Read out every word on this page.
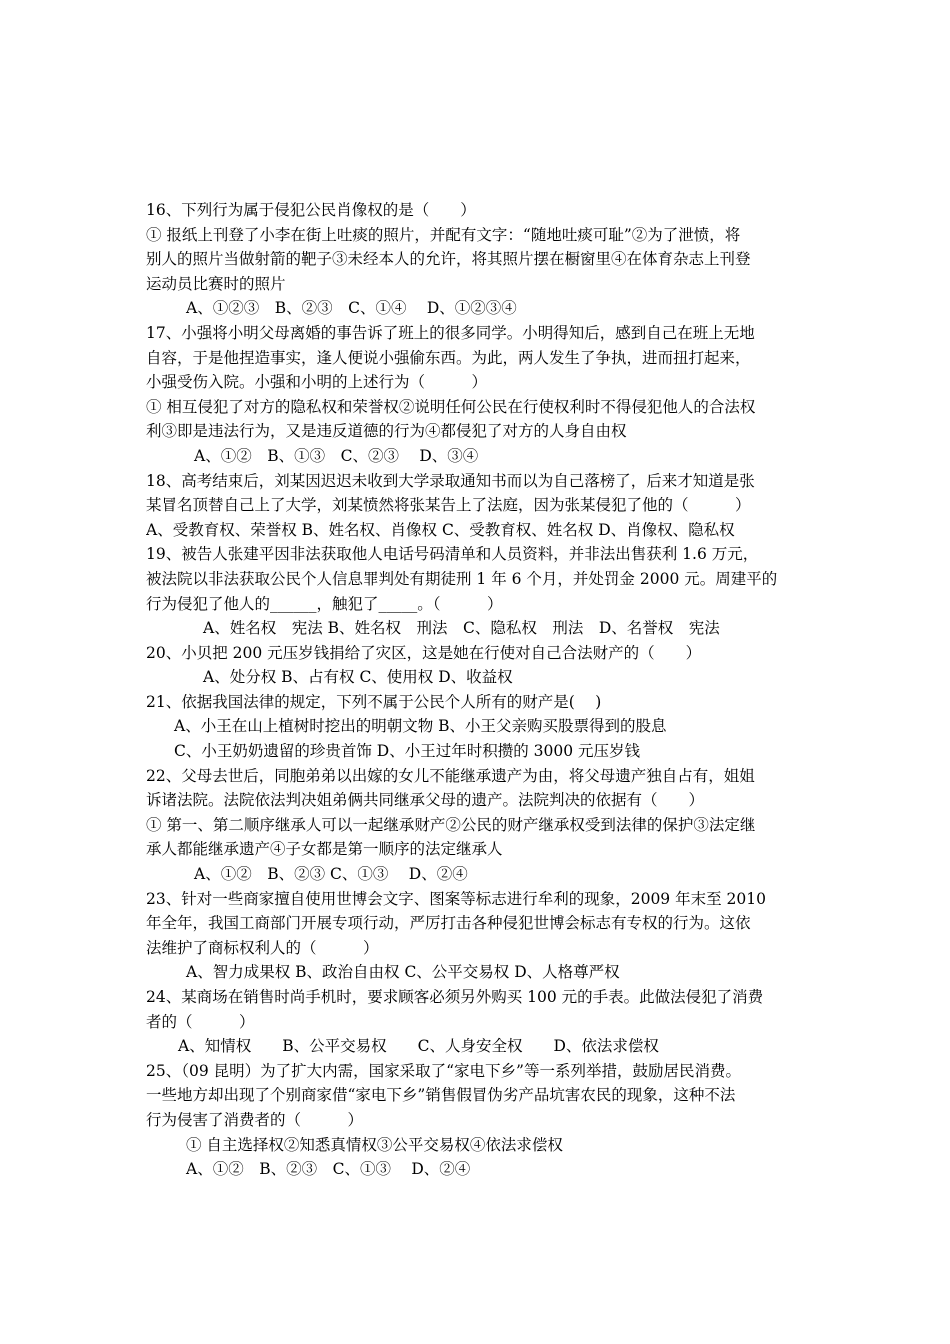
16、下列行为属于侵犯公民肖像权的是（　　）
① 报纸上刊登了小李在街上吐痰的照片，并配有文字：“随地吐痰可耻”②为了泄愤，将
别人的照片当做射箭的靶子③未经本人的允许，将其照片摆在橱窗里④在体育杂志上刊登
运动员比赛时的照片
A、①②③　B、②③　C、①④　 D、①②③④
17、小强将小明父母离婚的事告诉了班上的很多同学。小明得知后，感到自己在班上无地
自容，于是他捏造事实，逢人便说小强偷东西。为此，两人发生了争执，进而扭打起来，
小强受伤入院。小强和小明的上述行为（　　　）
① 相互侵犯了对方的隐私权和荣誉权②说明任何公民在行使权利时不得侵犯他人的合法权
利③即是违法行为，又是违反道德的行为④都侵犯了对方的人身自由权
A、①②　B、①③　C、②③　 D、③④
18、高考结束后，刘某因迟迟未收到大学录取通知书而以为自己落榜了，后来才知道是张
某冒名顶替自己上了大学，刘某愤然将张某告上了法庭，因为张某侵犯了他的（　　　）
A、受教育权、荣誉权 B、姓名权、肖像权 C、受教育权、姓名权 D、肖像权、隐私权
19、被告人张建平因非法获取他人电话号码清单和人员资料，并非法出售获利 1.6 万元，
被法院以非法获取公民个人信息罪判处有期徒刑 1 年 6 个月，并处罚金 2000 元。周建平的
行为侵犯了他人的______，触犯了_____。（　　　）
A、姓名权　宪法 B、姓名权　刑法　C、隐私权　刑法　D、名誉权　宪法
20、小贝把 200 元压岁钱捐给了灾区，这是她在行使对自己合法财产的（　　）
A、处分权 B、占有权 C、使用权 D、收益权
21、依据我国法律的规定，下列不属于公民个人所有的财产是(　 )
A、小王在山上植树时挖出的明朝文物 B、小王父亲购买股票得到的股息
C、小王奶奶遗留的珍贵首饰 D、小王过年时积攒的 3000 元压岁钱
22、父母去世后，同胞弟弟以出嫁的女儿不能继承遗产为由，将父母遗产独自占有，姐姐
诉诸法院。法院依法判决姐弟俩共同继承父母的遗产。法院判决的依据有（　　）
① 第一、第二顺序继承人可以一起继承财产②公民的财产继承权受到法律的保护③法定继
承人都能继承遗产④子女都是第一顺序的法定继承人
A、①②　B、②③ C、①③　 D、②④
23、针对一些商家擅自使用世博会文字、图案等标志进行牟利的现象，2009 年末至 2010
年全年，我国工商部门开展专项行动，严厉打击各种侵犯世博会标志有专权的行为。这依
法维护了商标权利人的（　　　）
A、智力成果权 B、政治自由权 C、公平交易权 D、人格尊严权
24、某商场在销售时尚手机时，要求顾客必须另外购买 100 元的手表。此做法侵犯了消费
者的（　　　）
A、知情权　　B、公平交易权　　C、人身安全权　　D、依法求偿权
25、（09 昆明）为了扩大内需，国家采取了“家电下乡”等一系列举措，鼓励居民消费。
一些地方却出现了个别商家借“家电下乡”销售假冒伪劣产品坑害农民的现象，这种不法
行为侵害了消费者的（　　　）
① 自主选择权②知悉真情权③公平交易权④依法求偿权
A、①②　B、②③　C、①③　 D、②④
